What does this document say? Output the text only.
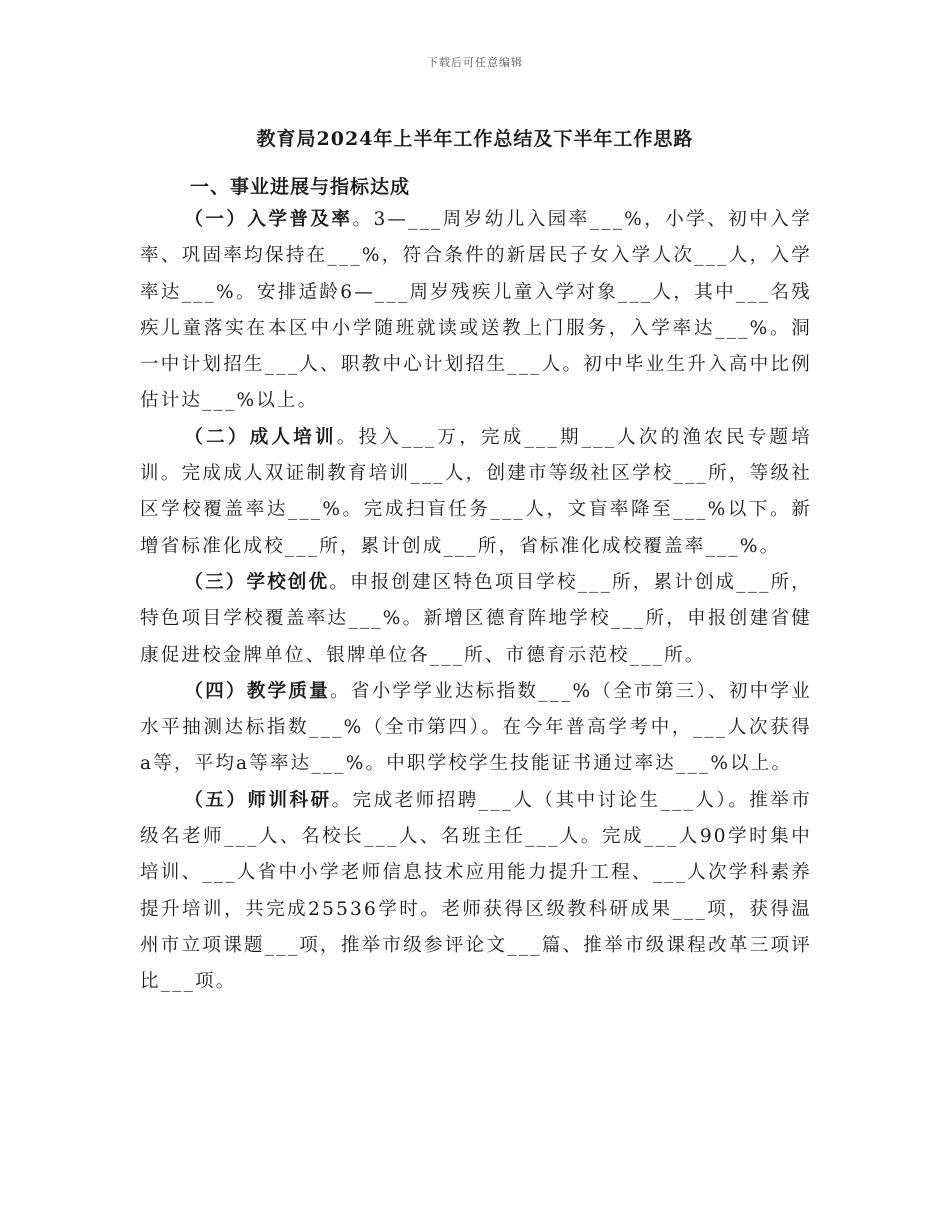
下载后可任意编辑
教育局2024年上半年工作总结及下半年工作思路
一、事业进展与指标达成

（一）入学普及率。3—___周岁幼儿入园率___%，小学、初中入学率、巩固率均保持在___%，符合条件的新居民子女入学人次___人，入学率达___%。安排适龄6—___周岁残疾儿童入学对象___人，其中___名残疾儿童落实在本区中小学随班就读或送教上门服务，入学率达___%。洞一中计划招生___人、职教中心计划招生___人。初中毕业生升入高中比例估计达___%以上。

（二）成人培训。投入___万，完成___期___人次的渔农民专题培训。完成成人双证制教育培训___人，创建市等级社区学校___所，等级社区学校覆盖率达___%。完成扫盲任务___人，文盲率降至___%以下。新增省标准化成校___所，累计创成___所，省标准化成校覆盖率___%。

（三）学校创优。申报创建区特色项目学校___所，累计创成___所，特色项目学校覆盖率达___%。新增区德育阵地学校___所，申报创建省健康促进校金牌单位、银牌单位各___所、市德育示范校___所。

（四）教学质量。省小学学业达标指数___%（全市第三）、初中学业水平抽测达标指数___%（全市第四）。在今年普高学考中，___人次获得a等，平均a等率达___%。中职学校学生技能证书通过率达___%以上。

（五）师训科研。完成老师招聘___人（其中讨论生___人）。推举市级名老师___人、名校长___人、名班主任___人。完成___人90学时集中培训、___人省中小学老师信息技术应用能力提升工程、___人次学科素养提升培训，共完成25536学时。老师获得区级教科研成果___项，获得温州市立项课题___项，推举市级参评论文___篇、推举市级课程改革三项评比___项。
